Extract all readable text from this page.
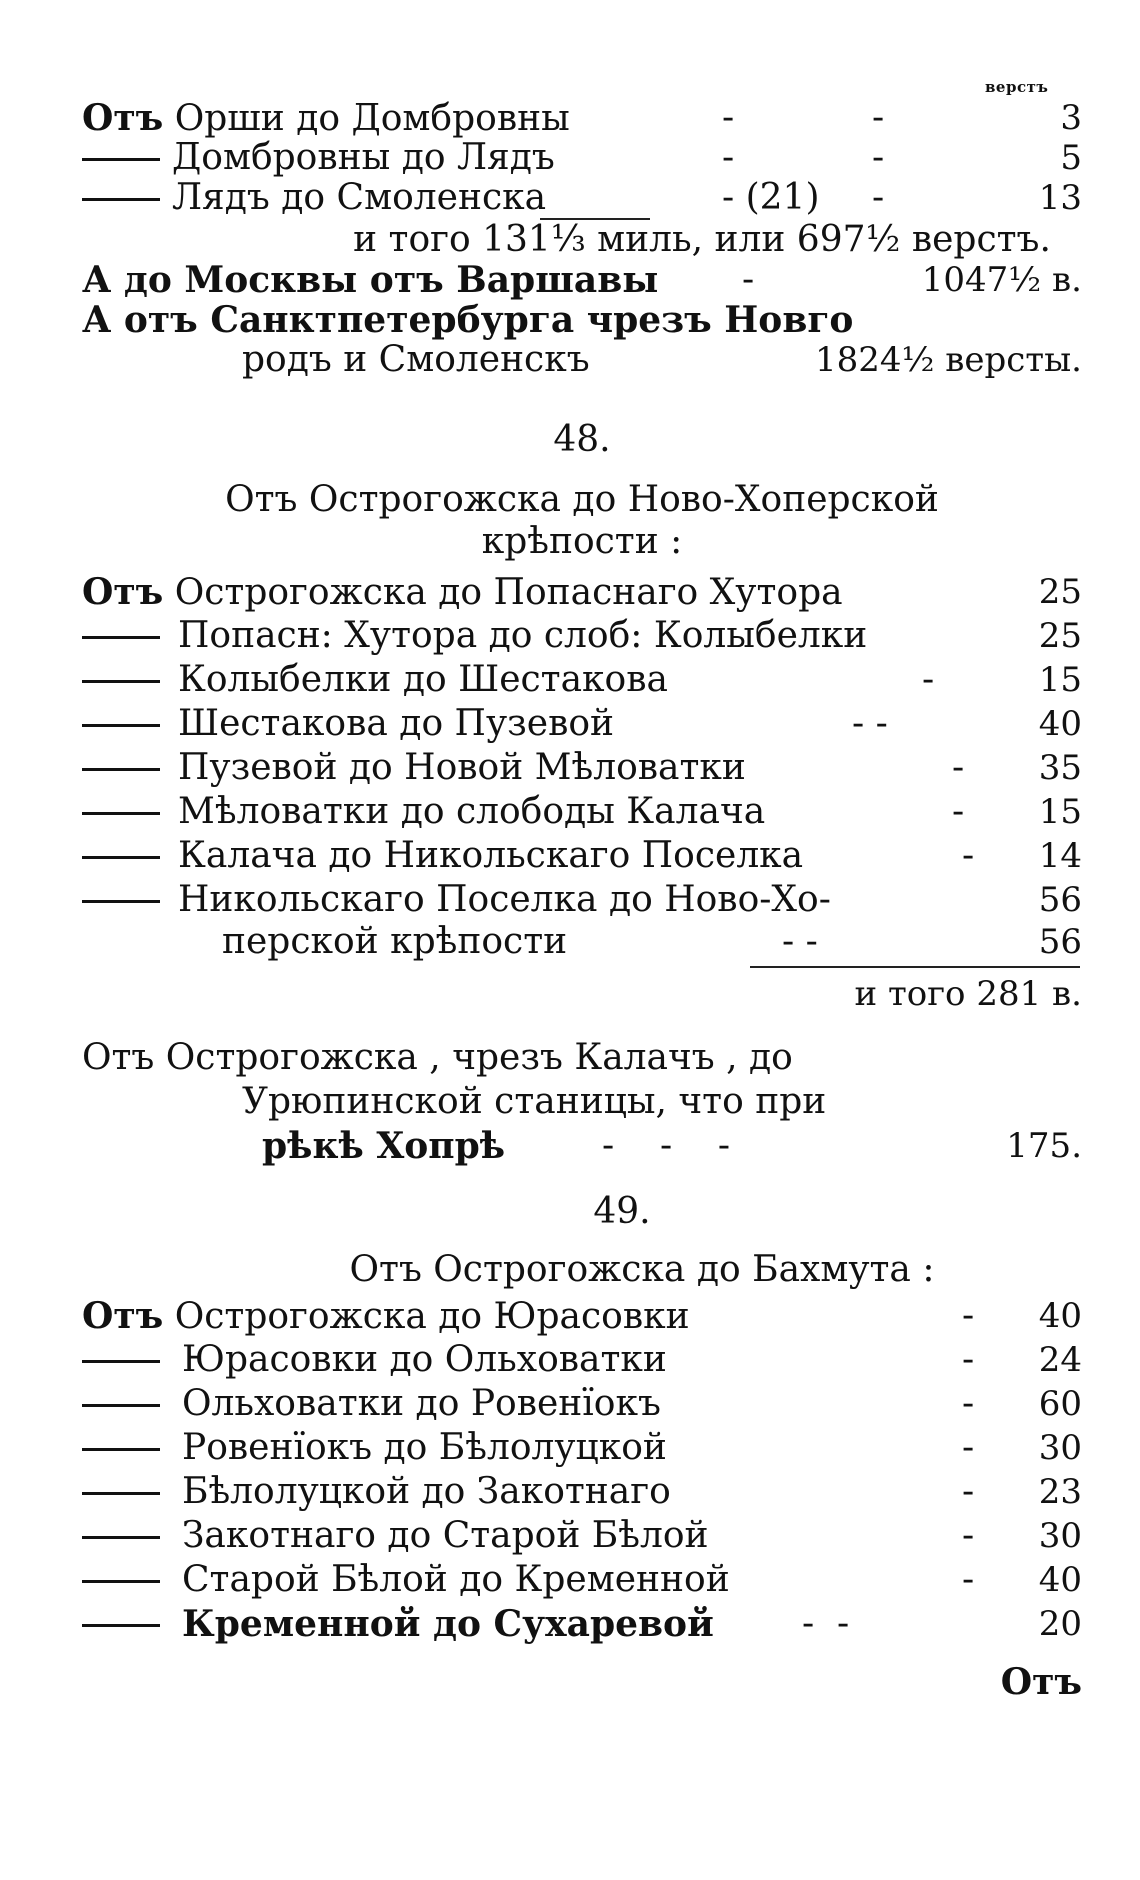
верстъ
Отъ Орши до Домбровны	-	-	3
Домбровны до Лядъ	-	-	5
Лядъ до Смоленска	- (21) -	13
и того 131⅓ миль, или 697½ верстъ.
А до Москвы отъ Варшавы -	1047½ в.
А отъ Санктпетербурга чрезъ Новго
родъ и Смоленскъ	1824½ версты.
48.
Отъ Острогожска до Ново-Хоперской
крѣпости :
Отъ Острогожска до Попаснаго Хутора	25
Попасн: Хутора до слоб: Колыбелки	25
Колыбелки до Шестакова	-	15
Шестакова до Пузевой	- -	40
Пузевой до Новой Мѣловатки	- 35
Мѣловатки до слободы Калача	- 15
Калача до Никольскаго Поселка	- 14
Никольскаго Поселка до Ново-Хо-	56
перской крѣпости	- -	56
и того 281 в.
Отъ Острогожска , чрезъ Калачъ , до
Урюпинской станицы, что при
рѣкѣ Хопрѣ	-    -    -	175.
49.
Отъ Острогожска до Бахмута :
Отъ Острогожска до Юрасовки	- 40
Юрасовки до Ольховатки	- 24
Ольховатки до Ровенїокъ	- 60
Ровенїокъ до Бѣлолуцкой	- 30
Бѣлолуцкой до Закотнаго	- 23
Закотнаго до Старой Бѣлой	- 30
Старой Бѣлой до Кременной	- 40
Кременной до Сухаревой -  -	20
Отъ
